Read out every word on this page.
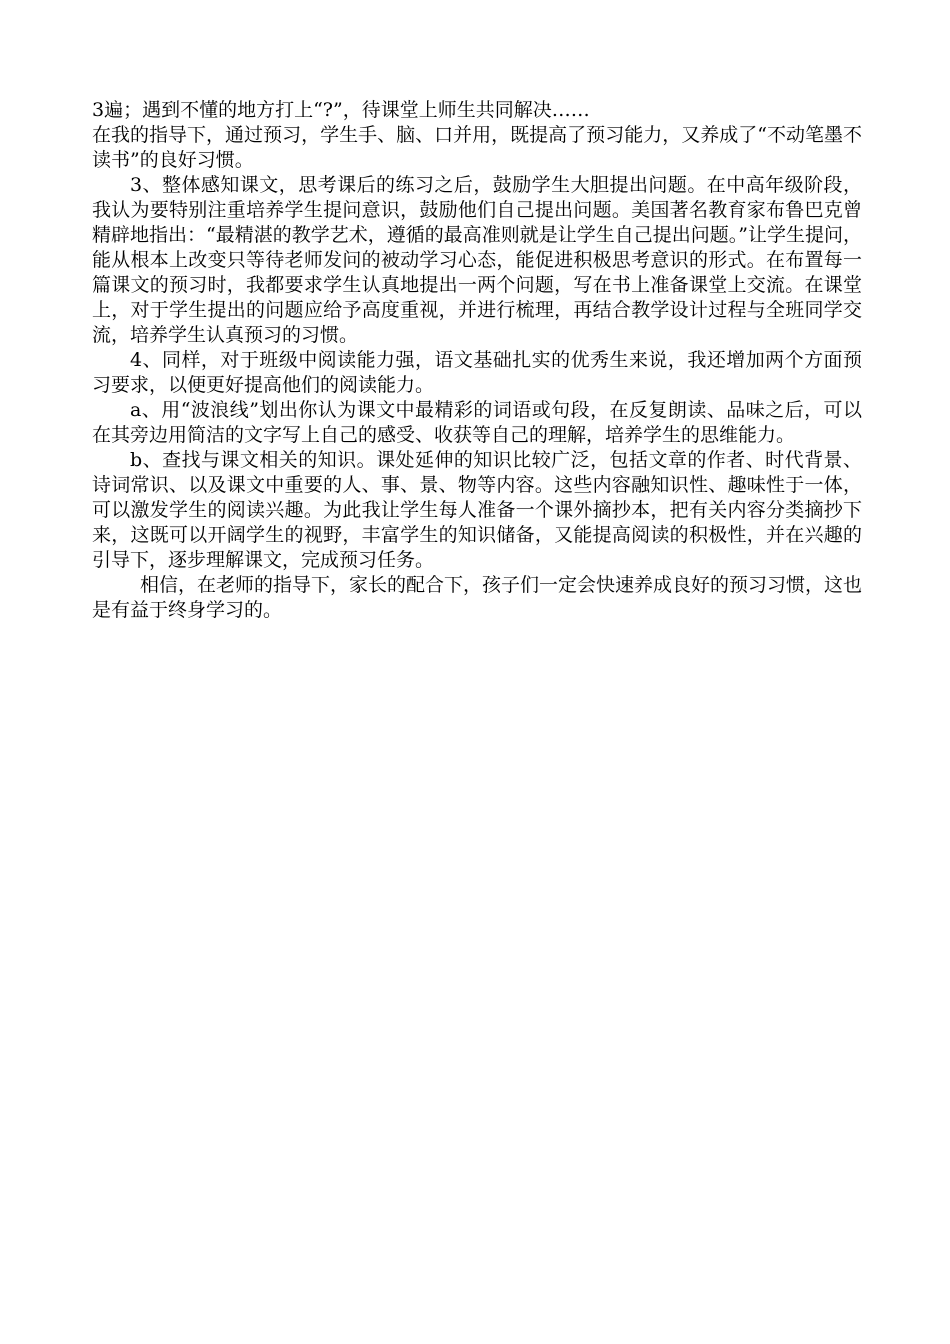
3遍；遇到不懂的地方打上“?”，待课堂上师生共同解决……

在我的指导下，通过预习，学生手、脑、口并用，既提高了预习能力，又养成了“不动笔墨不读书”的良好习惯。

3、整体感知课文，思考课后的练习之后，鼓励学生大胆提出问题。在中高年级阶段，我认为要特别注重培养学生提问意识，鼓励他们自己提出问题。美国著名教育家布鲁巴克曾精辟地指出：“最精湛的教学艺术，遵循的最高准则就是让学生自己提出问题。”让学生提问，能从根本上改变只等待老师发问的被动学习心态，能促进积极思考意识的形式。在布置每一篇课文的预习时，我都要求学生认真地提出一两个问题，写在书上准备课堂上交流。在课堂上，对于学生提出的问题应给予高度重视，并进行梳理，再结合教学设计过程与全班同学交流，培养学生认真预习的习惯。

4、同样，对于班级中阅读能力强，语文基础扎实的优秀生来说，我还增加两个方面预习要求，以便更好提高他们的阅读能力。

a、用“波浪线”划出你认为课文中最精彩的词语或句段，在反复朗读、品味之后，可以在其旁边用简洁的文字写上自己的感受、收获等自己的理解，培养学生的思维能力。

b、查找与课文相关的知识。课处延伸的知识比较广泛，包括文章的作者、时代背景、诗词常识、以及课文中重要的人、事、景、物等内容。这些内容融知识性、趣味性于一体，可以激发学生的阅读兴趣。为此我让学生每人准备一个课外摘抄本，把有关内容分类摘抄下来，这既可以开阔学生的视野，丰富学生的知识储备，又能提高阅读的积极性，并在兴趣的引导下，逐步理解课文，完成预习任务。

相信，在老师的指导下，家长的配合下，孩子们一定会快速养成良好的预习习惯，这也是有益于终身学习的。
